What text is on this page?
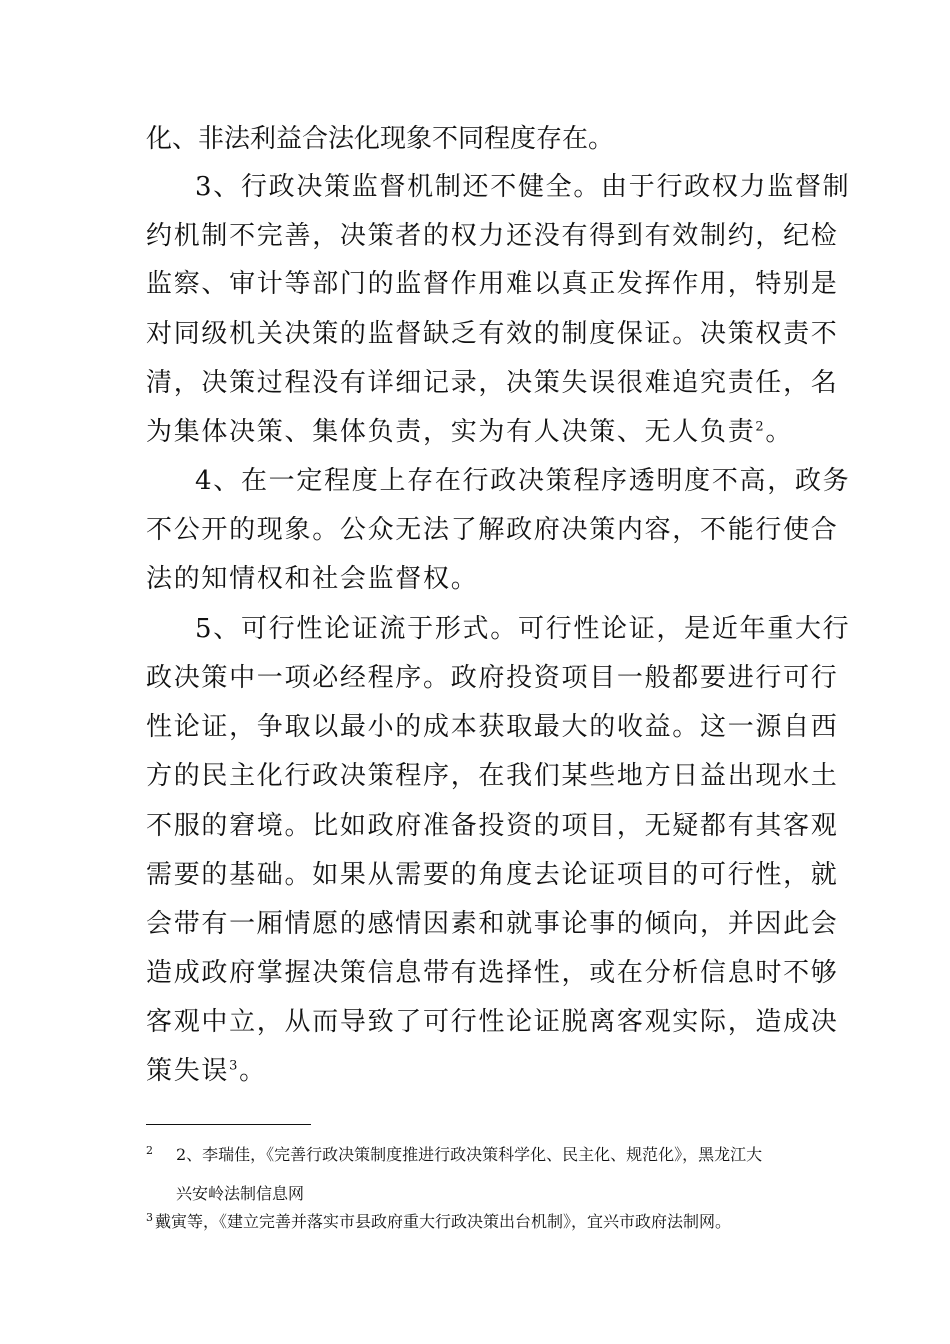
化、非法利益合法化现象不同程度存在。
3、行政决策监督机制还不健全。由于行政权力监督制
约机制不完善，决策者的权力还没有得到有效制约，纪检
监察、审计等部门的监督作用难以真正发挥作用，特别是
对同级机关决策的监督缺乏有效的制度保证。决策权责不
清，决策过程没有详细记录，决策失误很难追究责任，名
为集体决策、集体负责，实为有人决策、无人负责$^2$。
4、在一定程度上存在行政决策程序透明度不高，政务
不公开的现象。公众无法了解政府决策内容，不能行使合
法的知情权和社会监督权。
5、可行性论证流于形式。可行性论证，是近年重大行
政决策中一项必经程序。政府投资项目一般都要进行可行
性论证，争取以最小的成本获取最大的收益。这一源自西
方的民主化行政决策程序，在我们某些地方日益出现水土
不服的窘境。比如政府准备投资的项目，无疑都有其客观
需要的基础。如果从需要的角度去论证项目的可行性，就
会带有一厢情愿的感情因素和就事论事的倾向，并因此会
造成政府掌握决策信息带有选择性，或在分析信息时不够
客观中立，从而导致了可行性论证脱离客观实际，造成决
策失误$^3$。
$^2$ 2、李瑞佳，《完善行政决策制度推进行政决策科学化、民主化、规范化》，黑龙江大
兴安岭法制信息网
$^3$ 戴寅等，《建立完善并落实市县政府重大行政决策出台机制》，宜兴市政府法制网。
